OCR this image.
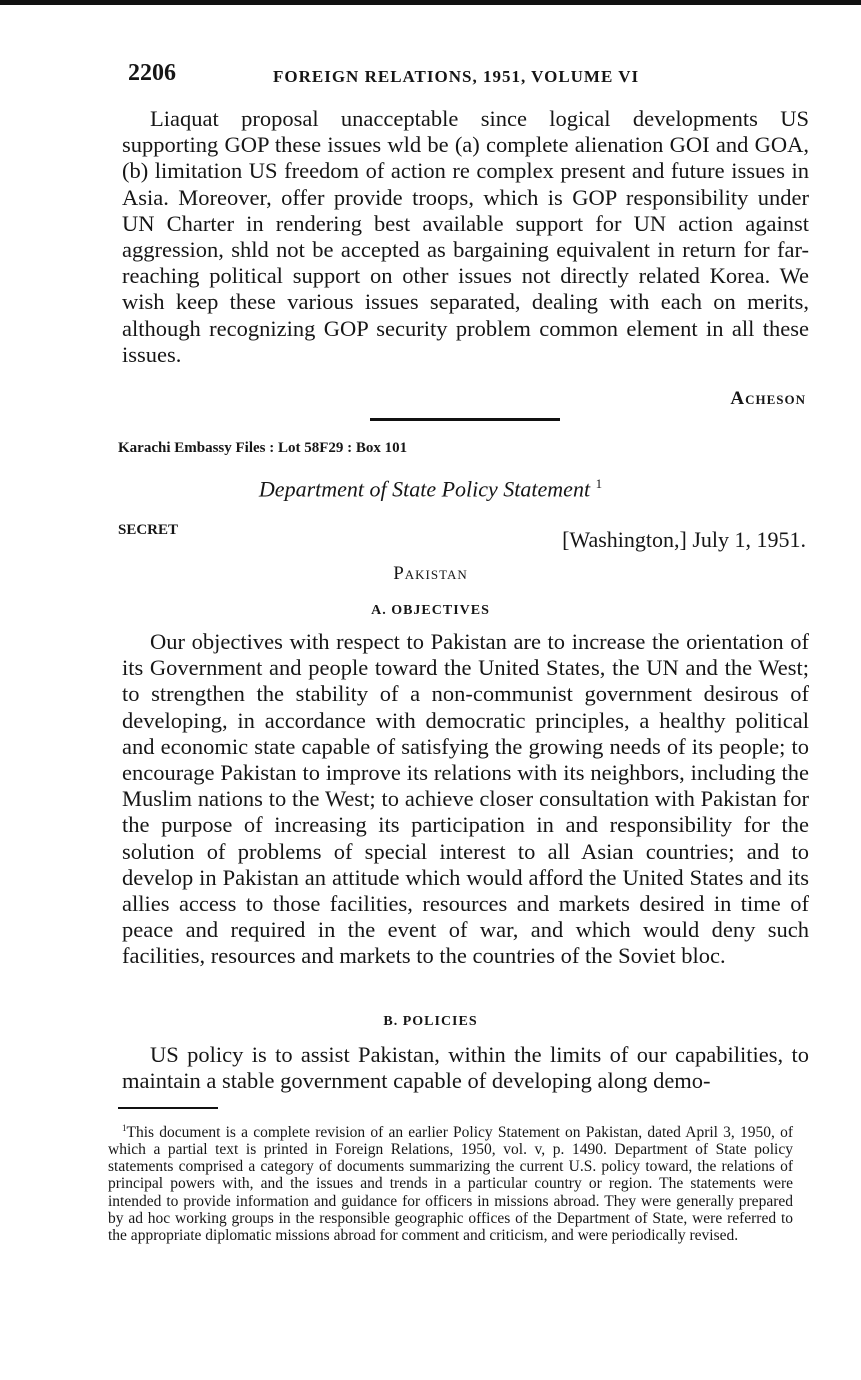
2206	FOREIGN RELATIONS, 1951, VOLUME VI

Liaquat proposal unacceptable since logical developments US supporting GOP these issues wld be (a) complete alienation GOI and GOA, (b) limitation US freedom of action re complex present and future issues in Asia. Moreover, offer provide troops, which is GOP responsibility under UN Charter in rendering best available support for UN action against aggression, shld not be accepted as bargaining equivalent in return for far-reaching political support on other issues not directly related Korea. We wish keep these various issues separated, dealing with each on merits, although recognizing GOP security problem common element in all these issues.

Acheson
Karachi Embassy Files : Lot 58F29 : Box 101
Department of State Policy Statement $^1$
SECRET	[Washington,] July 1, 1951.
Pakistan
A. OBJECTIVES

Our objectives with respect to Pakistan are to increase the orientation of its Government and people toward the United States, the UN and the West; to strengthen the stability of a non-communist government desirous of developing, in accordance with democratic principles, a healthy political and economic state capable of satisfying the growing needs of its people; to encourage Pakistan to improve its relations with its neighbors, including the Muslim nations to the West; to achieve closer consultation with Pakistan for the purpose of increasing its participation in and responsibility for the solution of problems of special interest to all Asian countries; and to develop in Pakistan an attitude which would afford the United States and its allies access to those facilities, resources and markets desired in time of peace and required in the event of war, and which would deny such facilities, resources and markets to the countries of the Soviet bloc.

B. POLICIES

US policy is to assist Pakistan, within the limits of our capabilities, to maintain a stable government capable of developing along demo-

$^1$This document is a complete revision of an earlier Policy Statement on Pakistan, dated April 3, 1950, of which a partial text is printed in Foreign Relations, 1950, vol. v, p. 1490. Department of State policy statements comprised a category of documents summarizing the current U.S. policy toward, the relations of principal powers with, and the issues and trends in a particular country or region. The statements were intended to provide information and guidance for officers in missions abroad. They were generally prepared by ad hoc working groups in the responsible geographic offices of the Department of State, were referred to the appropriate diplomatic missions abroad for comment and criticism, and were periodically revised.
